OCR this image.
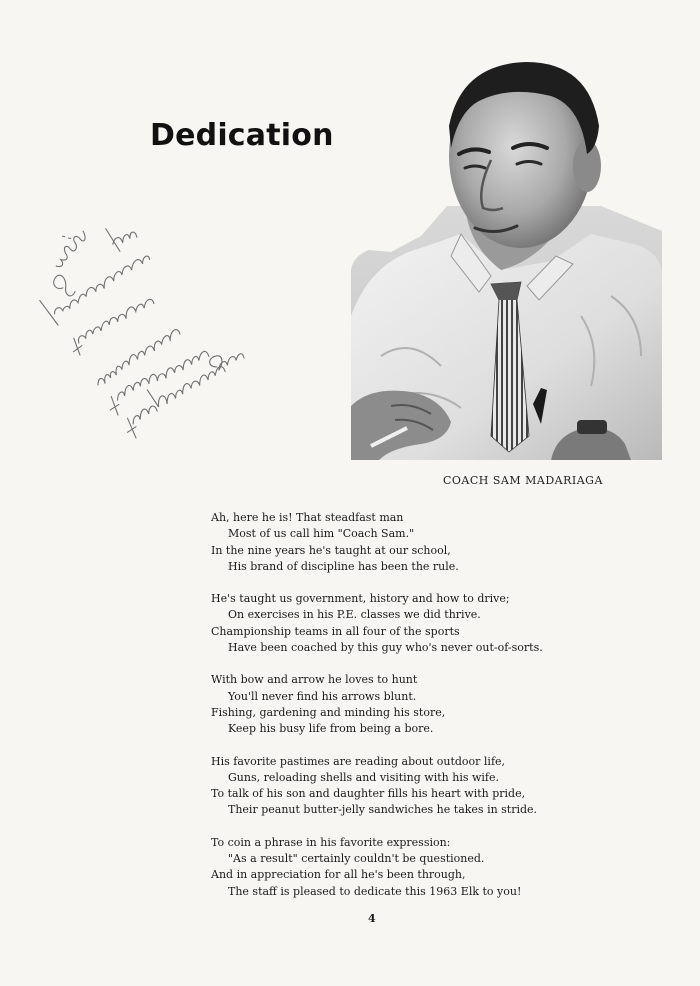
Dedication
COACH SAM MADARIAGA
Ah, here he is! That steadfast man
Most of us call him "Coach Sam."
In the nine years he's taught at our school,
His brand of discipline has been the rule.
He's taught us government, history and how to drive;
On exercises in his P.E. classes we did thrive.
Championship teams in all four of the sports
Have been coached by this guy who's never out-of-sorts.
With bow and arrow he loves to hunt
You'll never find his arrows blunt.
Fishing, gardening and minding his store,
Keep his busy life from being a bore.
His favorite pastimes are reading about outdoor life,
Guns, reloading shells and visiting with his wife.
To talk of his son and daughter fills his heart with pride,
Their peanut butter-jelly sandwiches he takes in stride.
To coin a phrase in his favorite expression:
"As a result" certainly couldn't be questioned.
And in appreciation for all he's been through,
The staff is pleased to dedicate this 1963 Elk to you!
4
